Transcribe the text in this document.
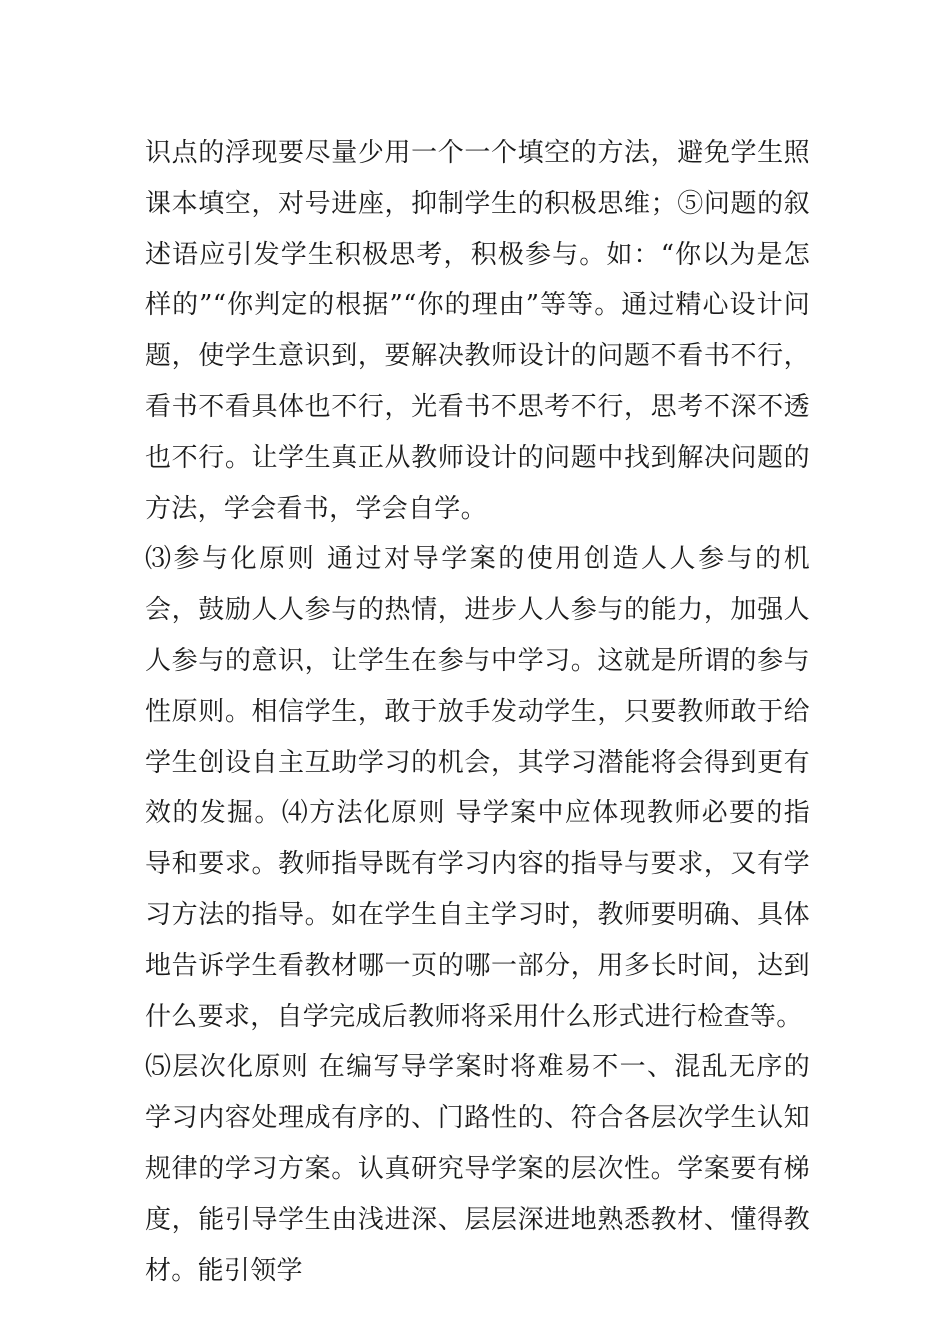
识点的浮现要尽量少用一个一个填空的方法，避免学生照课本填空，对号进座，抑制学生的积极思维；⑤问题的叙述语应引发学生积极思考，积极参与。如：“你以为是怎样的”“你判定的根据”“你的理由”等等。通过精心设计问题，使学生意识到，要解决教师设计的问题不看书不行，看书不看具体也不行，光看书不思考不行，思考不深不透也不行。让学生真正从教师设计的问题中找到解决问题的方法，学会看书，学会自学。

⑶参与化原则 通过对导学案的使用创造人人参与的机会，鼓励人人参与的热情，进步人人参与的能力，加强人人参与的意识，让学生在参与中学习。这就是所谓的参与性原则。相信学生，敢于放手发动学生，只要教师敢于给学生创设自主互助学习的机会，其学习潜能将会得到更有效的发掘。⑷方法化原则 导学案中应体现教师必要的指导和要求。教师指导既有学习内容的指导与要求，又有学习方法的指导。如在学生自主学习时，教师要明确、具体地告诉学生看教材哪一页的哪一部分，用多长时间，达到什么要求，自学完成后教师将采用什么形式进行检查等。

⑸层次化原则 在编写导学案时将难易不一、混乱无序的学习内容处理成有序的、门路性的、符合各层次学生认知规律的学习方案。认真研究导学案的层次性。学案要有梯度，能引导学生由浅进深、层层深进地熟悉教材、懂得教材。能引领学
